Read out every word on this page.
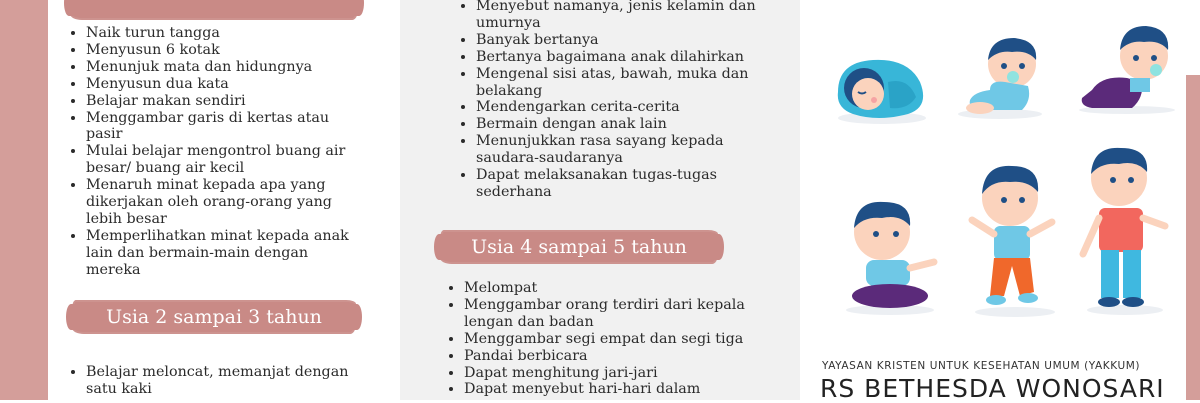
• Naik turun tangga
• Menyusun 6 kotak
• Menunjuk mata dan hidungnya
• Menyusun dua kata
• Belajar makan sendiri
• Menggambar garis di kertas atau pasir
• Mulai belajar mengontrol buang air besar/ buang air kecil
• Menaruh minat kepada apa yang dikerjakan oleh orang-orang yang lebih besar
• Memperlihatkan minat kepada anak lain dan bermain-main dengan mereka
Usia 2 sampai 3 tahun
• Belajar meloncat, memanjat dengan satu kaki
• Menyebut namanya, jenis kelamin dan umurnya
• Banyak bertanya
• Bertanya bagaimana anak dilahirkan
• Mengenal sisi atas, bawah, muka dan belakang
• Mendengarkan cerita-cerita
• Bermain dengan anak lain
• Menunjukkan rasa sayang kepada saudara-saudaranya
• Dapat melaksanakan tugas-tugas sederhana
Usia 4 sampai 5 tahun
• Melompat
• Menggambar orang terdiri dari kepala lengan dan badan
• Menggambar segi empat dan segi tiga
• Pandai berbicara
• Dapat menghitung jari-jari
• Dapat menyebut hari-hari dalam
YAYASAN KRISTEN UNTUK KESEHATAN UMUM (YAKKUM)
RS BETHESDA WONOSARI
